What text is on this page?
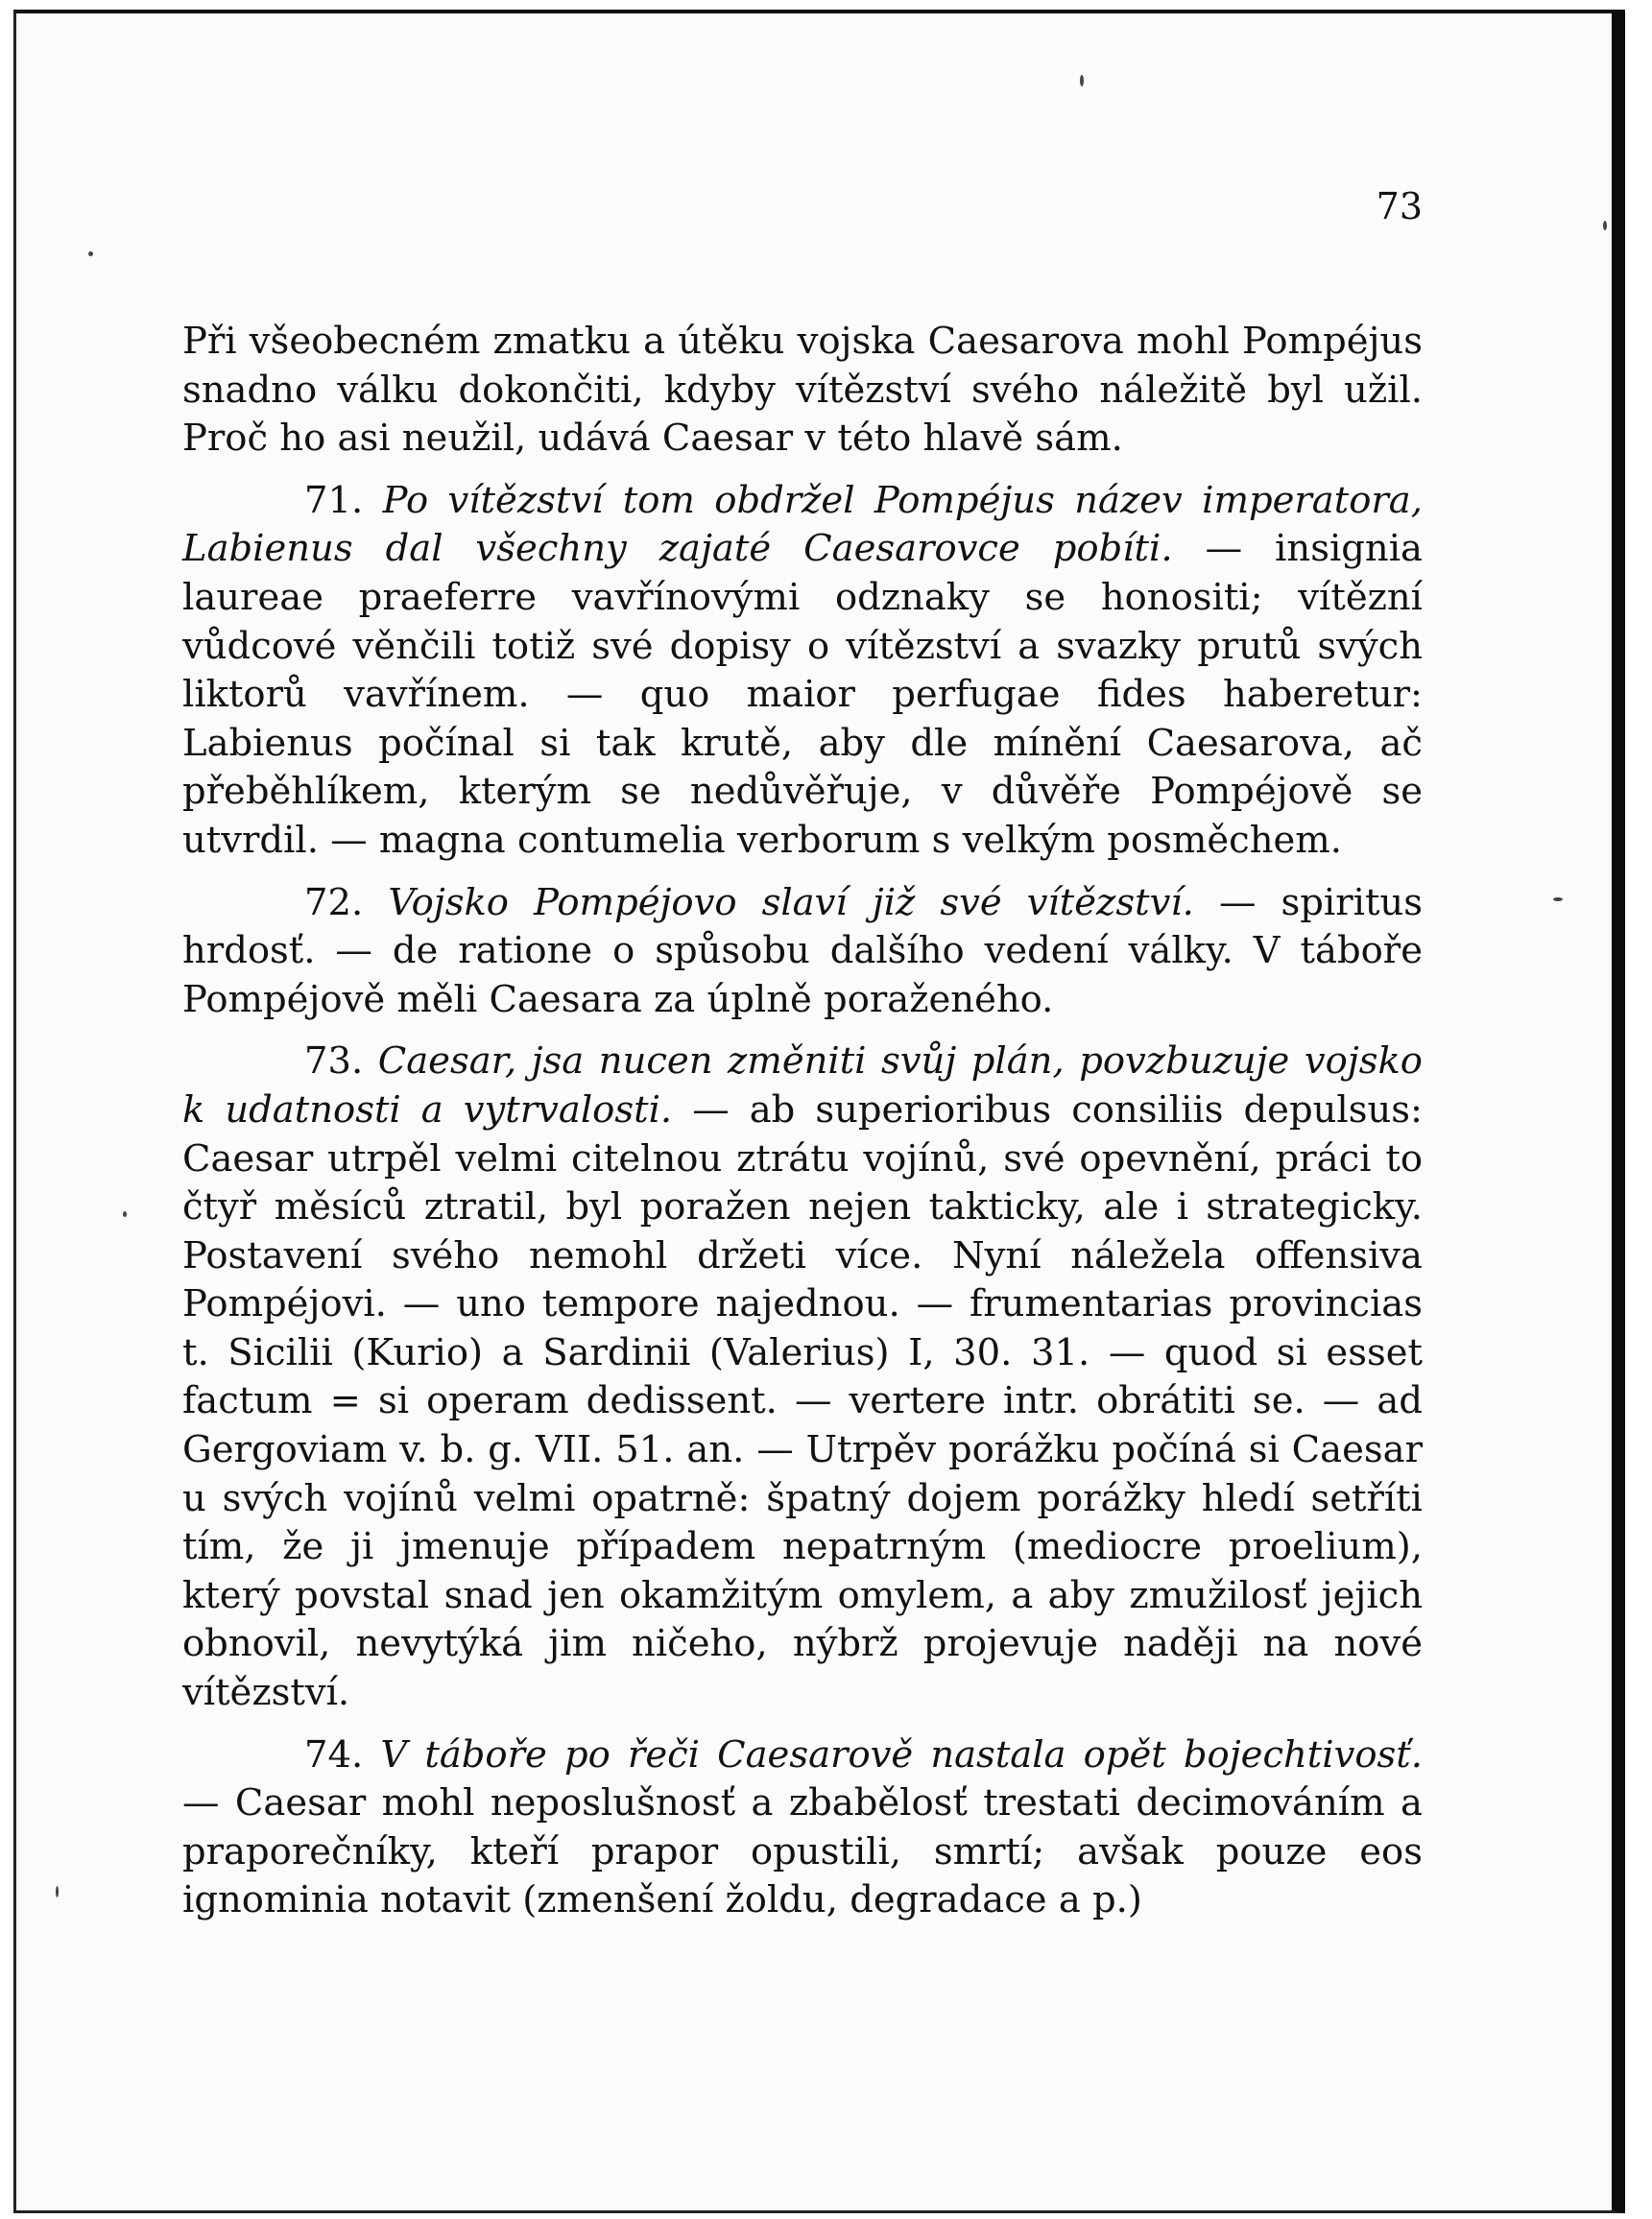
73

Při všeobecném zmatku a útěku vojska Caesarova mohl Pompéjus snadno válku dokončiti, kdyby vítězství svého náležitě byl užil. Proč ho asi neužil, udává Caesar v této hlavě sám.

71. Po vítězství tom obdržel Pompéjus název imperatora, Labienus dal všechny zajaté Caesarovce pobíti. — insignia laureae praeferre vavřínovými odznaky se honositi; vítězní vůdcové věnčili totiž své dopisy o vítězství a svazky prutů svých liktorů vavřínem. — quo maior perfugae fides haberetur: Labienus počínal si tak krutě, aby dle mínění Caesarova, ač přeběhlíkem, kterým se nedůvěřuje, v důvěře Pompéjově se utvrdil. — magna contumelia verborum s velkým posměchem.

72. Vojsko Pompéjovo slaví již své vítězství. — spiritus hrdosť. — de ratione o spůsobu dalšího vedení války. V táboře Pompéjově měli Caesara za úplně poraženého.

73. Caesar, jsa nucen změniti svůj plán, povzbuzuje vojsko k udatnosti a vytrvalosti. — ab superioribus consiliis depulsus: Caesar utrpěl velmi citelnou ztrátu vojínů, své opevnění, práci to čtyř měsíců ztratil, byl poražen nejen takticky, ale i strategicky. Postavení svého nemohl držeti více. Nyní náležela offensiva Pompéjovi. — uno tempore najednou. — frumentarias provincias t. Sicilii (Kurio) a Sardinii (Valerius) I, 30. 31. — quod si esset factum = si operam dedissent. — vertere intr. obrátiti se. — ad Gergoviam v. b. g. VII. 51. an. — Utrpěv porážku počíná si Caesar u svých vojínů velmi opatrně: špatný dojem porážky hledí setříti tím, že ji jmenuje případem nepatrným (mediocre proelium), který povstal snad jen okamžitým omylem, a aby zmužilosť jejich obnovil, nevytýká jim ničeho, nýbrž projevuje naději na nové vítězství.

74. V táboře po řeči Caesarově nastala opět bojechtivosť. — Caesar mohl neposlušnosť a zbabělosť trestati decimováním a praporečníky, kteří prapor opustili, smrtí; avšak pouze eos ignominia notavit (zmenšení žoldu, degradace a p.)
